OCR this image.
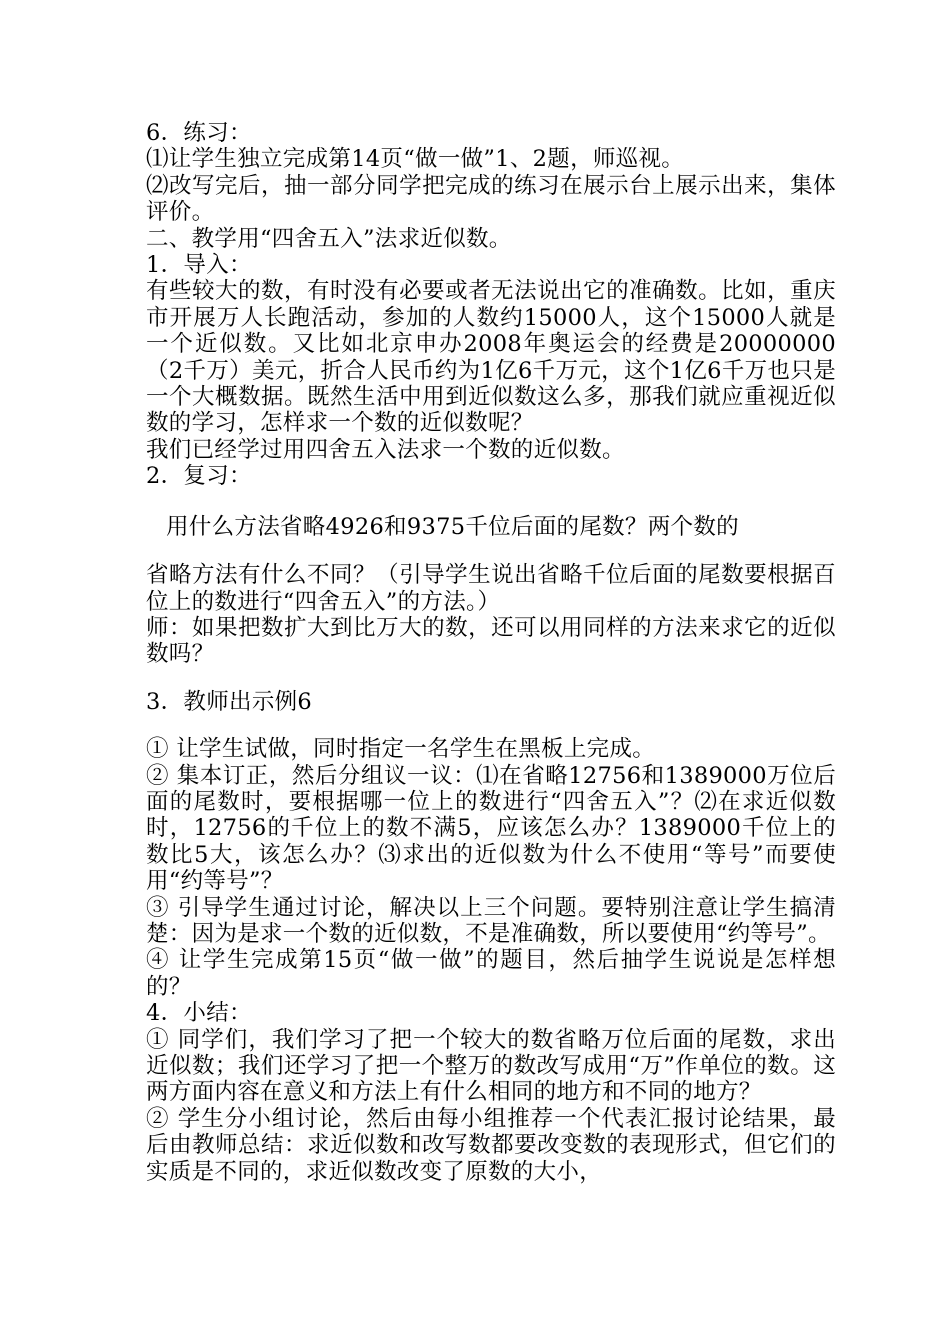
6．练习：

⑴让学生独立完成第14页“做一做”1、2题，师巡视。

⑵改写完后，抽一部分同学把完成的练习在展示台上展示出来，集体评价。

二、教学用“四舍五入”法求近似数。

1．导入：

有些较大的数，有时没有必要或者无法说出它的准确数。比如，重庆市开展万人长跑活动，参加的人数约15000人，这个15000人就是一个近似数。又比如北京申办2008年奥运会的经费是20000000（2千万）美元，折合人民币约为1亿6千万元，这个1亿6千万也只是一个大概数据。既然生活中用到近似数这么多，那我们就应重视近似数的学习，怎样求一个数的近似数呢？

我们已经学过用四舍五入法求一个数的近似数。

2．复习：

用什么方法省略4926和9375千位后面的尾数？两个数的

省略方法有什么不同？（引导学生说出省略千位后面的尾数要根据百位上的数进行“四舍五入”的方法。）

师：如果把数扩大到比万大的数，还可以用同样的方法来求它的近似数吗？

3．教师出示例6

① 让学生试做，同时指定一名学生在黑板上完成。

② 集本订正，然后分组议一议：⑴在省略12756和1389000万位后面的尾数时，要根据哪一位上的数进行“四舍五入”？⑵在求近似数时，12756的千位上的数不满5，应该怎么办？1389000千位上的数比5大，该怎么办？⑶求出的近似数为什么不使用“等号”而要使用“约等号”？

③ 引导学生通过讨论，解决以上三个问题。要特别注意让学生搞清楚：因为是求一个数的近似数，不是准确数，所以要使用“约等号”。

④ 让学生完成第15页“做一做”的题目，然后抽学生说说是怎样想的？

4．小结：

① 同学们，我们学习了把一个较大的数省略万位后面的尾数，求出近似数；我们还学习了把一个整万的数改写成用“万”作单位的数。这两方面内容在意义和方法上有什么相同的地方和不同的地方？

② 学生分小组讨论，然后由每小组推荐一个代表汇报讨论结果，最后由教师总结：求近似数和改写数都要改变数的表现形式，但它们的实质是不同的，求近似数改变了原数的大小，
